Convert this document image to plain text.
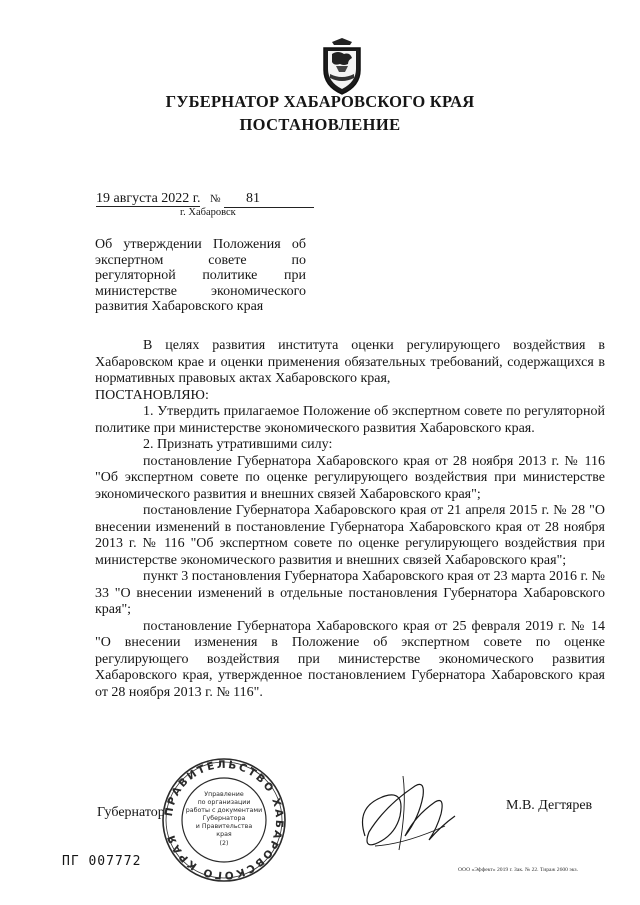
ГУБЕРНАТОР ХАБАРОВСКОГО КРАЯ
ПОСТАНОВЛЕНИЕ
19 августа 2022 г. № 81
г. Хабаровск
Об утверждении Положения об экспертном совете по регуляторной политике при министерстве экономического развития Хабаровского края

В целях развития института оценки регулирующего воздействия в Хабаровском крае и оценки применения обязательных требований, содержащихся в нормативных правовых актах Хабаровского края,

ПОСТАНОВЛЯЮ:

1. Утвердить прилагаемое Положение об экспертном совете по регуляторной политике при министерстве экономического развития Хабаровского края.

2. Признать утратившими силу:

постановление Губернатора Хабаровского края от 28 ноября 2013 г. № 116 "Об экспертном совете по оценке регулирующего воздействия при министерстве экономического развития и внешних связей Хабаровского края";

постановление Губернатора Хабаровского края от 21 апреля 2015 г. № 28 "О внесении изменений в постановление Губернатора Хабаровского края от 28 ноября 2013 г. № 116 "Об экспертном совете по оценке регулирующего воздействия при министерстве экономического развития и внешних связей Хабаровского края";

пункт 3 постановления Губернатора Хабаровского края от 23 марта 2016 г. № 33 "О внесении изменений в отдельные постановления Губернатора Хабаровского края";

постановление Губернатора Хабаровского края от 25 февраля 2019 г. № 14 "О внесении изменения в Положение об экспертном совете по оценке регулирующего воздействия при министерстве экономического развития Хабаровского края, утвержденное постановлением Губернатора Хабаровского края от 28 ноября 2013 г. № 116".

Губернатор
ПРАВИТЕЛЬСТВО ХАБАРОВСКОГО КРАЯ
Управление
по организации
работы с документами
Губернатора
и Правительства
края
(2)
М.В. Дегтярев
ПГ 007772
ООО «Эффект» 2019 г. Зак. № 22. Тираж 2600 экз.
